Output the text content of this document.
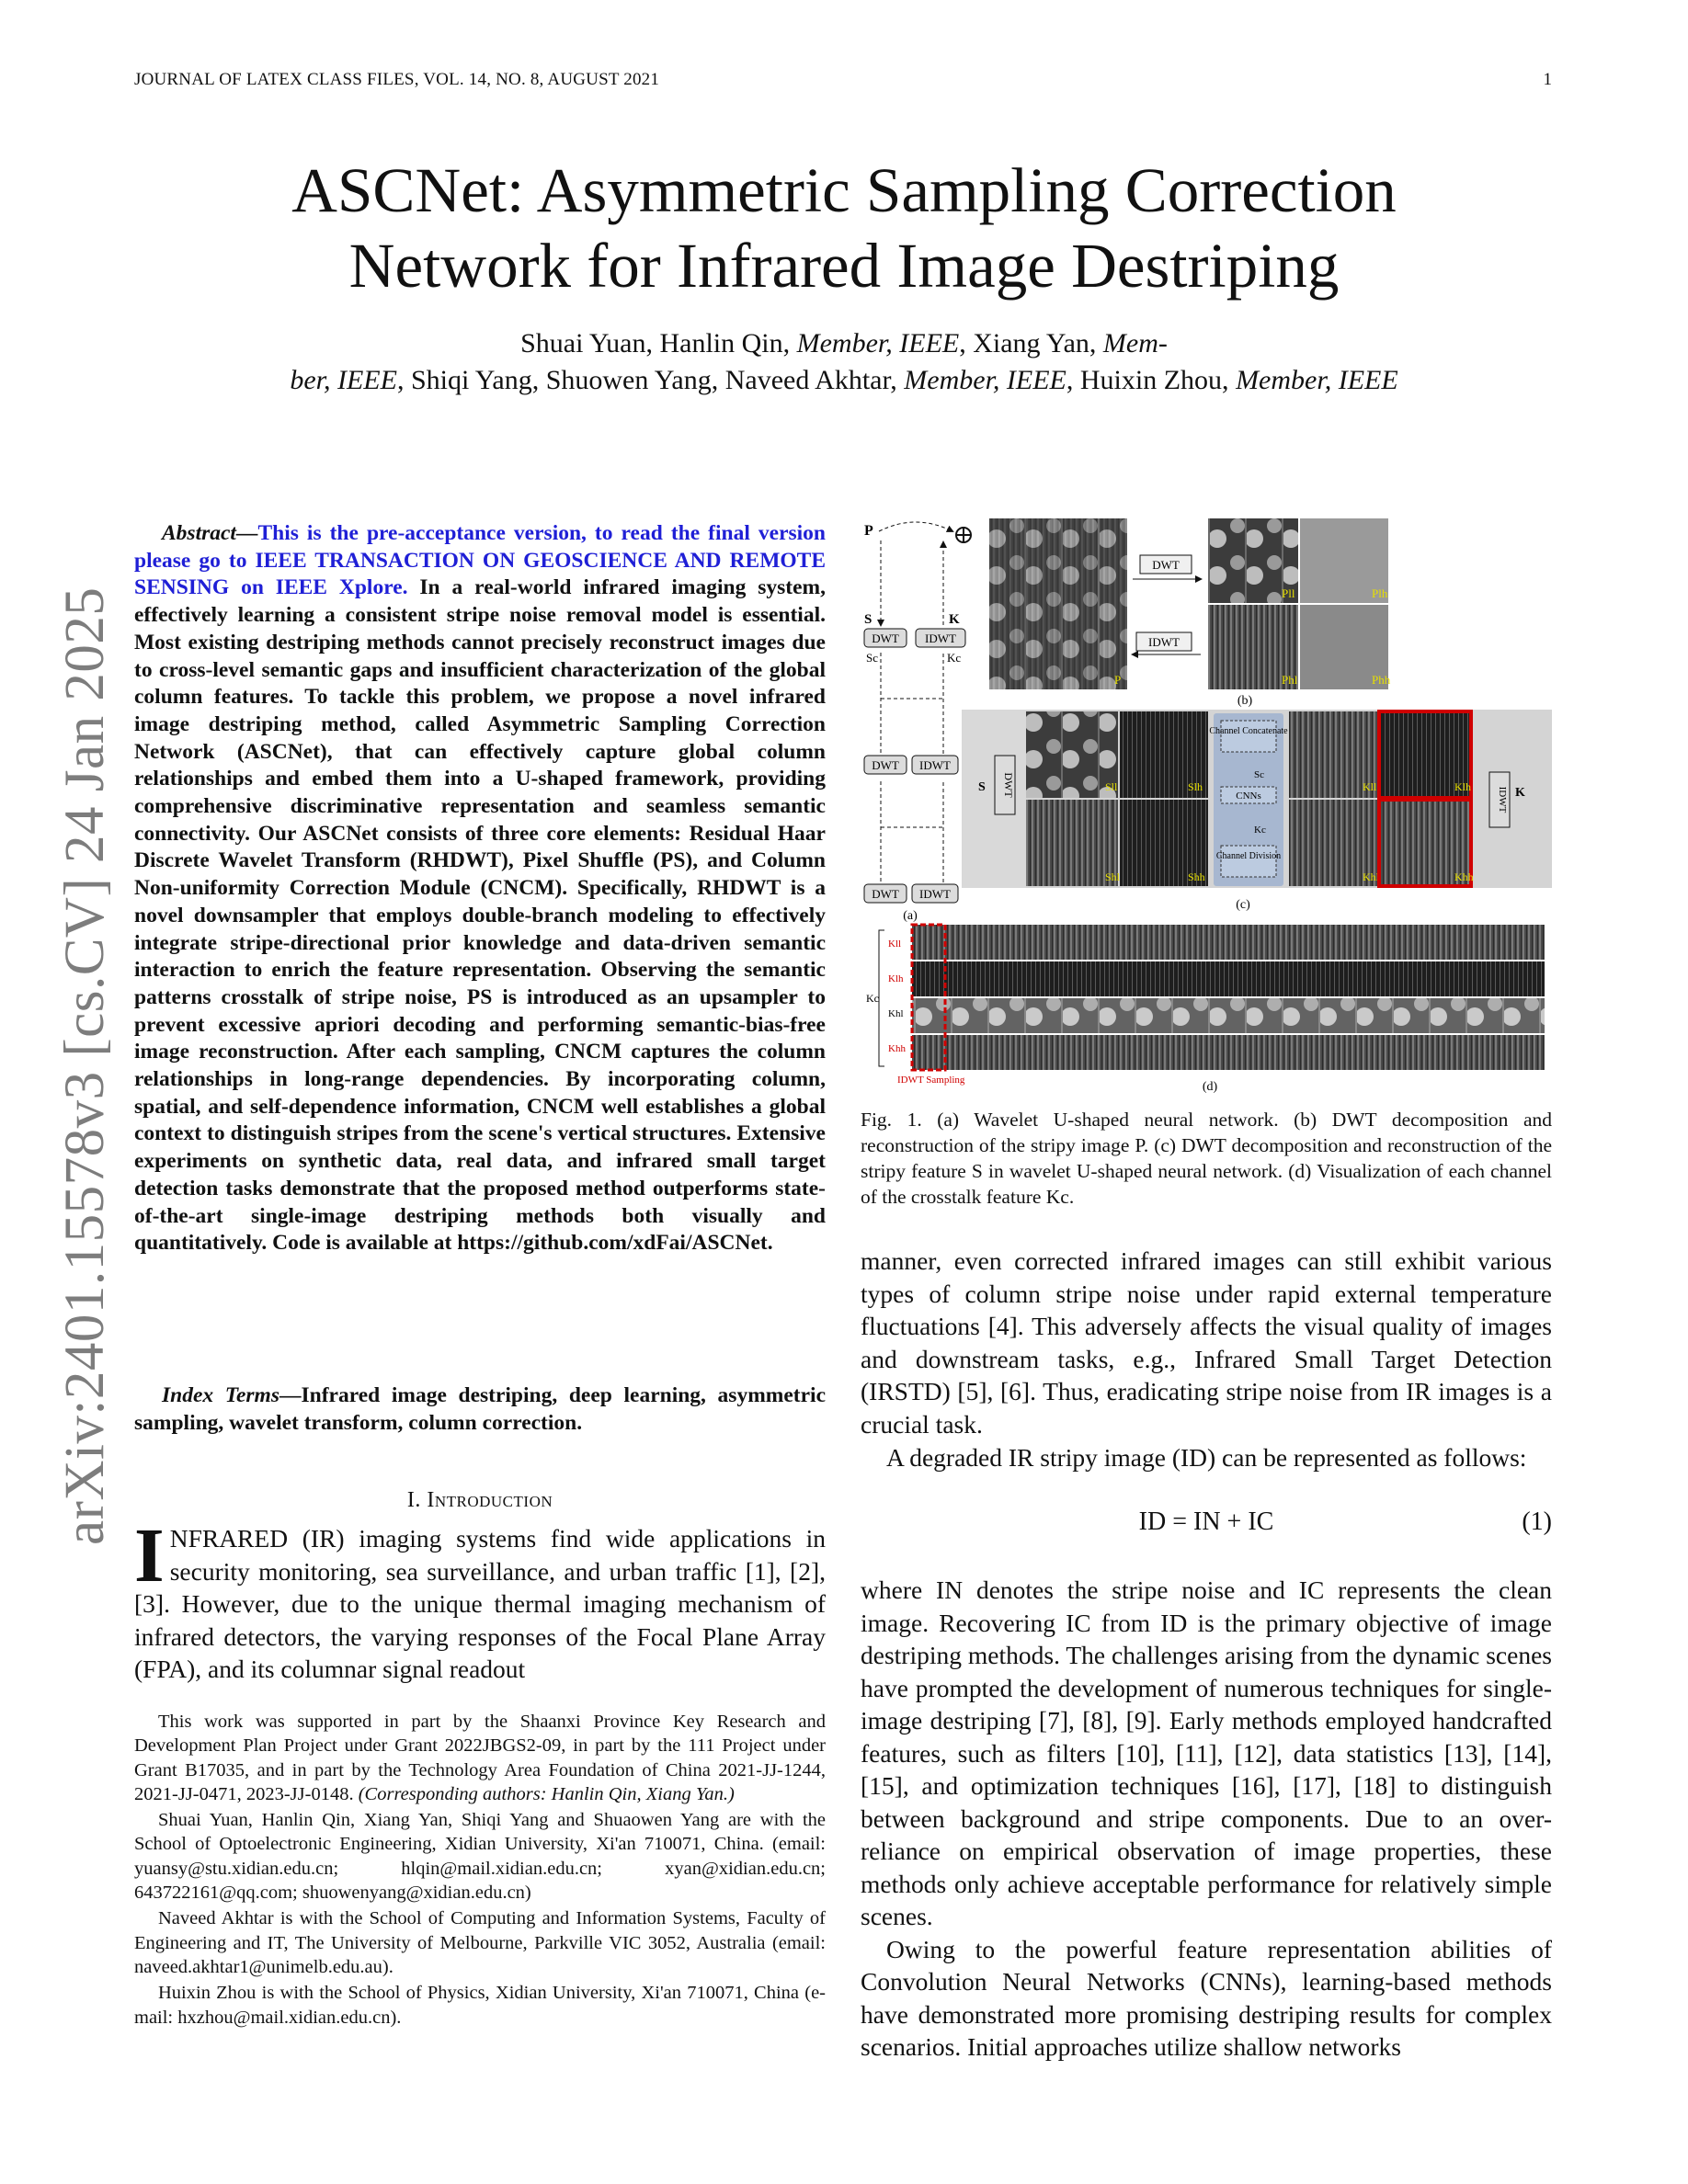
JOURNAL OF LATEX CLASS FILES, VOL. 14, NO. 8, AUGUST 2021	1
ASCNet: Asymmetric Sampling Correction
Network for Infrared Image Destriping
Shuai Yuan, Hanlin Qin, Member, IEEE, Xiang Yan, Mem-
ber, IEEE, Shiqi Yang, Shuowen Yang, Naveed Akhtar, Member, IEEE, Huixin Zhou, Member, IEEE
arXiv:2401.15578v3 [cs.CV] 24 Jan 2025

Abstract—This is the pre-acceptance version, to read the final version please go to IEEE TRANSACTION ON GEOSCIENCE AND REMOTE SENSING on IEEE Xplore. In a real-world infrared imaging system, effectively learning a consistent stripe noise removal model is essential. Most existing destriping methods cannot precisely reconstruct images due to cross-level semantic gaps and insufficient characterization of the global column features. To tackle this problem, we propose a novel infrared image destriping method, called Asymmetric Sampling Correction Network (ASCNet), that can effectively capture global column relationships and embed them into a U-shaped framework, providing comprehensive discriminative representation and seamless semantic connectivity. Our ASCNet consists of three core elements: Residual Haar Discrete Wavelet Transform (RHDWT), Pixel Shuffle (PS), and Column Non-uniformity Correction Module (CNCM). Specifically, RHDWT is a novel downsampler that employs double-branch modeling to effectively integrate stripe-directional prior knowledge and data-driven semantic interaction to enrich the feature representation. Observing the semantic patterns crosstalk of stripe noise, PS is introduced as an upsampler to prevent excessive apriori decoding and performing semantic-bias-free image reconstruction. After each sampling, CNCM captures the column relationships in long-range dependencies. By incorporating column, spatial, and self-dependence information, CNCM well establishes a global context to distinguish stripes from the scene's vertical structures. Extensive experiments on synthetic data, real data, and infrared small target detection tasks demonstrate that the proposed method outperforms state-of-the-art single-image destriping methods both visually and quantitatively. Code is available at https://github.com/xdFai/ASCNet.

Index Terms—Infrared image destriping, deep learning, asymmetric sampling, wavelet transform, column correction.
I. Introduction
INFRARED (IR) imaging systems find wide applications in security monitoring, sea surveillance, and urban traffic [1], [2], [3]. However, due to the unique thermal imaging mechanism of infrared detectors, the varying responses of the Focal Plane Array (FPA), and its columnar signal readout

This work was supported in part by the Shaanxi Province Key Research and Development Plan Project under Grant 2022JBGS2-09, in part by the 111 Project under Grant B17035, and in part by the Technology Area Foundation of China 2021-JJ-1244, 2021-JJ-0471, 2023-JJ-0148. (Corresponding authors: Hanlin Qin, Xiang Yan.)

Shuai Yuan, Hanlin Qin, Xiang Yan, Shiqi Yang and Shuaowen Yang are with the School of Optoelectronic Engineering, Xidian University, Xi'an 710071, China. (email: yuansy@stu.xidian.edu.cn; hlqin@mail.xidian.edu.cn; xyan@xidian.edu.cn; 643722161@qq.com; shuowenyang@xidian.edu.cn)

Naveed Akhtar is with the School of Computing and Information Systems, Faculty of Engineering and IT, The University of Melbourne, Parkville VIC 3052, Australia (email: naveed.akhtar1@unimelb.edu.au).

Huixin Zhou is with the School of Physics, Xidian University, Xi'an 710071, China (e-mail: hxzhou@mail.xidian.edu.cn).

P
S	K
DWT IDWT
Sc	Kc
DWT IDWT
DWT IDWT
(a)
P
DWT
IDWT
Pll	Plh
Phl	Phh
(b)
DWT
S	Sll	Slh
Shl	Shh
Channel Concatenate
CNNs
Channel Division
Sc
Kc
Kll	Klh
Khl	Khh
IDWT K
(c)
Kc
Kll
Klh
Khl
Khh
IDWT Sampling	(d)
Fig. 1. (a) Wavelet U-shaped neural network. (b) DWT decomposition and reconstruction of the stripy image P. (c) DWT decomposition and reconstruction of the stripy feature S in wavelet U-shaped neural network. (d) Visualization of each channel of the crosstalk feature Kc.
manner, even corrected infrared images can still exhibit various types of column stripe noise under rapid external temperature fluctuations [4]. This adversely affects the visual quality of images and downstream tasks, e.g., Infrared Small Target Detection (IRSTD) [5], [6]. Thus, eradicating stripe noise from IR images is a crucial task.

A degraded IR stripy image (ID) can be represented as follows:

ID = IN + IC	(1)

where IN denotes the stripe noise and IC represents the clean image. Recovering IC from ID is the primary objective of image destriping methods. The challenges arising from the dynamic scenes have prompted the development of numerous techniques for single-image destriping [7], [8], [9]. Early methods employed handcrafted features, such as filters [10], [11], [12], data statistics [13], [14], [15], and optimization techniques [16], [17], [18] to distinguish between background and stripe components. Due to an over-reliance on empirical observation of image properties, these methods only achieve acceptable performance for relatively simple scenes.

Owing to the powerful feature representation abilities of Convolution Neural Networks (CNNs), learning-based methods have demonstrated more promising destriping results for complex scenarios. Initial approaches utilize shallow networks
